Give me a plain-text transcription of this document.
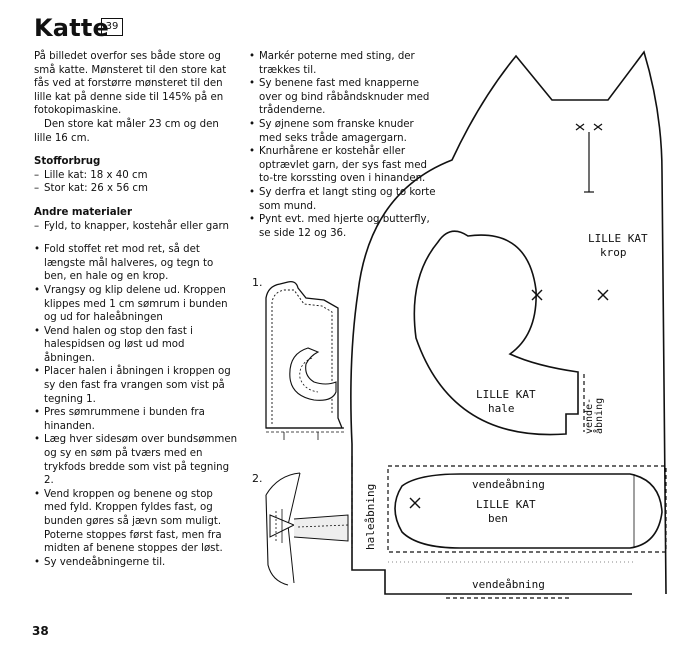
Katte
39

På billedet overfor ses både store og små katte. Mønsteret til den store kat fås ved at forstørre mønsteret til den lille kat på denne side til 145% på en fotokopimaskine.

Den store kat måler 23 cm og den lille 16 cm.

Stofforbrug

– Lille kat: 18 x 40 cm
– Stor kat: 26 x 56 cm

Andre materialer

– Fyld, to knapper, kostehår eller garn
• Fold stoffet ret mod ret, så det længste mål halveres, og tegn to ben, en hale og en krop.
• Vrangsy og klip delene ud. Kroppen klippes med 1 cm sømrum i bunden og ud for haleåbningen
• Vend halen og stop den fast i halespidsen og løst ud mod åbningen.
• Placer halen i åbningen i kroppen og sy den fast fra vrangen som vist på tegning 1.
• Pres sømrummene i bunden fra hinanden.
• Læg hver sidesøm over bundsømmen og sy en søm på tværs med en trykfods bredde som vist på tegning 2.
• Vend kroppen og benene og stop med fyld. Kroppen fyldes fast, og bunden gøres så jævn som muligt. Poterne stoppes først fast, men fra midten af benene stoppes der løst.
• Sy vendeåbningerne til.
• Markér poterne med sting, der trækkes til.
• Sy benene fast med knapperne over og bind råbåndsknuder med trådenderne.
• Sy øjnene som franske knuder med seks tråde amagergarn.
• Knurhårene er kostehår eller optrævlet garn, der sys fast med to-tre korssting oven i hinanden.
• Sy derfra et langt sting og to korte som mund.
• Pynt evt. med hjerte og butterfly, se side 12 og 36.
1.
2.
LILLE KAT
krop
LILLE KAT
hale	vende- åbning
haleåbning	vendeåbning
LILLE KAT
ben
vendeåbning
38
